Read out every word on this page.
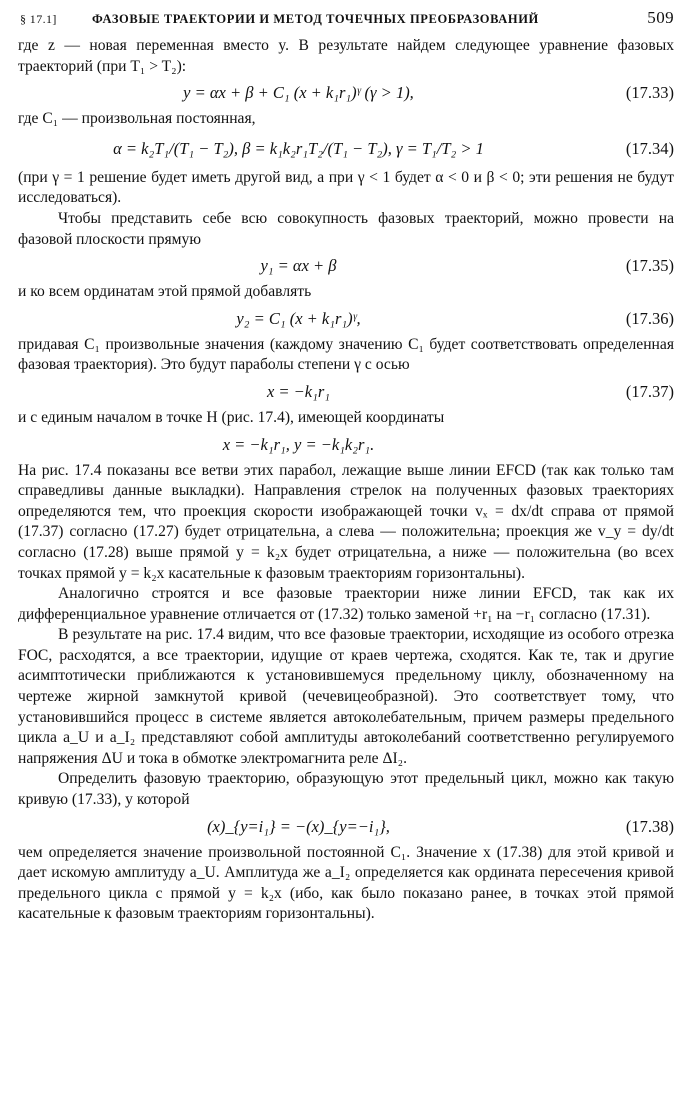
§ 17.1]	ФАЗОВЫЕ ТРАЕКТОРИИ И МЕТОД ТОЧЕЧНЫХ ПРЕОБРАЗОВАНИЙ	509

где z — новая переменная вместо y. В результате найдем следующее уравнение фазовых траекторий (при T₁ > T₂):

y = αx + β + C₁ (x + k₁r₁)ᵞ (γ > 1),	(17.33)

где C₁ — произвольная постоянная,

α = k₂T₁/(T₁ − T₂), β = k₁k₂r₁T₂/(T₁ − T₂), γ = T₁/T₂ > 1	(17.34)

(при γ = 1 решение будет иметь другой вид, а при γ < 1 будет α < 0 и β < 0; эти решения не будут исследоваться).

Чтобы представить себе всю совокупность фазовых траекторий, можно провести на фазовой плоскости прямую

y₁ = αx + β	(17.35)

и ко всем ординатам этой прямой добавлять

y₂ = C₁ (x + k₁r₁)ᵞ,	(17.36)

придавая C₁ произвольные значения (каждому значению C₁ будет соответствовать определенная фазовая траектория). Это будут параболы степени γ с осью

x = −k₁r₁	(17.37)

и с единым началом в точке H (рис. 17.4), имеющей координаты

x = −k₁r₁, y = −k₁k₂r₁.

На рис. 17.4 показаны все ветви этих парабол, лежащие выше линии EFCD (так как только там справедливы данные выкладки). Направления стрелок на полученных фазовых траекториях определяются тем, что проекция скорости изображающей точки vₓ = dx/dt справа от прямой (17.37) согласно (17.27) будет отрицательна, а слева — положительна; проекция же v_y = dy/dt согласно (17.28) выше прямой y = k₂x будет отрицательна, а ниже — положительна (во всех точках прямой y = k₂x касательные к фазовым траекториям горизонтальны).

Аналогично строятся и все фазовые траектории ниже линии EFCD, так как их дифференциальное уравнение отличается от (17.32) только заменой +r₁ на −r₁ согласно (17.31).

В результате на рис. 17.4 видим, что все фазовые траектории, исходящие из особого отрезка FOC, расходятся, а все траектории, идущие от краев чертежа, сходятся. Как те, так и другие асимптотически приближаются к установившемуся предельному циклу, обозначенному на чертеже жирной замкнутой кривой (чечевицеобразной). Это соответствует тому, что установившийся процесс в системе является автоколебательным, причем размеры предельного цикла a_U и a_I₂ представляют собой амплитуды автоколебаний соответственно регулируемого напряжения ΔU и тока в обмотке электромагнита реле ΔI₂.

Определить фазовую траекторию, образующую этот предельный цикл, можно как такую кривую (17.33), у которой

(x)_{y=i₁} = −(x)_{y=−i₁},	(17.38)

чем определяется значение произвольной постоянной C₁. Значение x (17.38) для этой кривой и дает искомую амплитуду a_U. Амплитуда же a_I₂ определяется как ордината пересечения кривой предельного цикла с прямой y = k₂x (ибо, как было показано ранее, в точках этой прямой касательные к фазовым траекториям горизонтальны).
